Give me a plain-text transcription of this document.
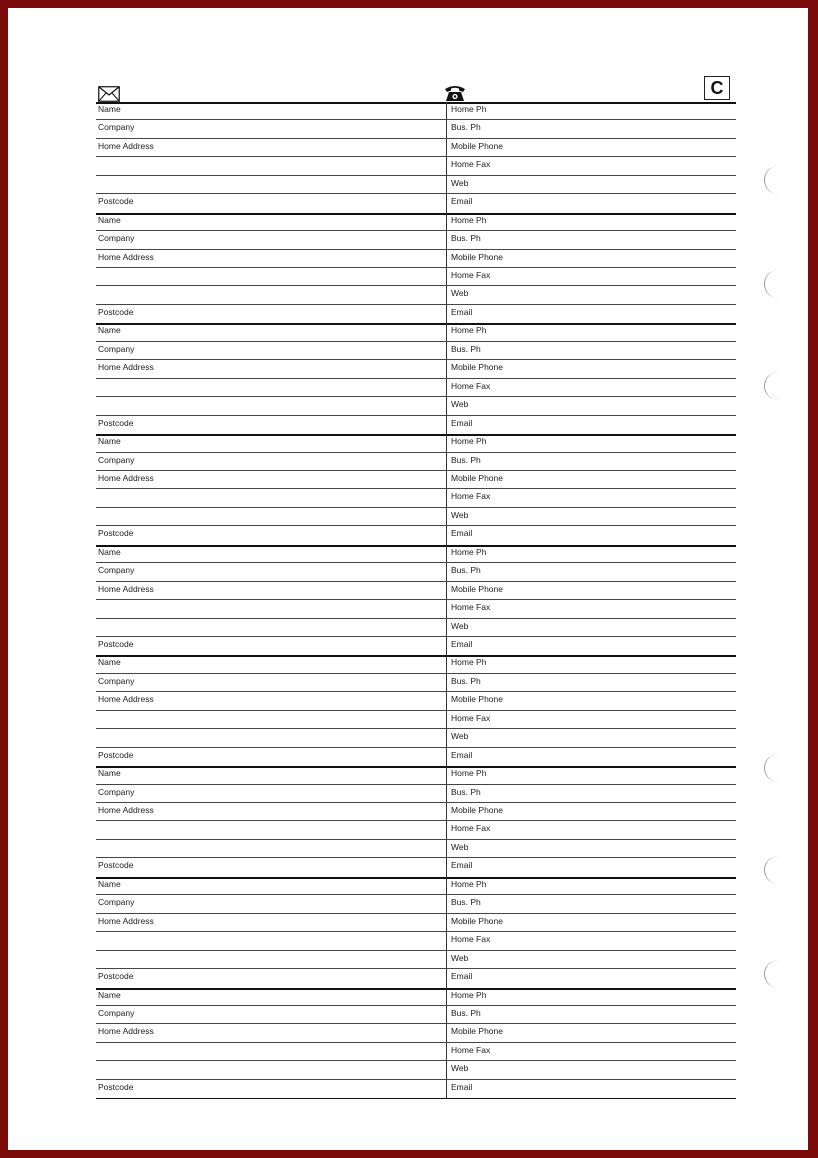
C
Name
Company
Home Address
Postcode
Home Ph
Bus. Ph
Mobile Phone
Home Fax
Web
Email
Name
Company
Home Address
Postcode
Home Ph
Bus. Ph
Mobile Phone
Home Fax
Web
Email
Name
Company
Home Address
Postcode
Home Ph
Bus. Ph
Mobile Phone
Home Fax
Web
Email
Name
Company
Home Address
Postcode
Home Ph
Bus. Ph
Mobile Phone
Home Fax
Web
Email
Name
Company
Home Address
Postcode
Home Ph
Bus. Ph
Mobile Phone
Home Fax
Web
Email
Name
Company
Home Address
Postcode
Home Ph
Bus. Ph
Mobile Phone
Home Fax
Web
Email
Name
Company
Home Address
Postcode
Home Ph
Bus. Ph
Mobile Phone
Home Fax
Web
Email
Name
Company
Home Address
Postcode
Home Ph
Bus. Ph
Mobile Phone
Home Fax
Web
Email
Name
Company
Home Address
Postcode
Home Ph
Bus. Ph
Mobile Phone
Home Fax
Web
Email
